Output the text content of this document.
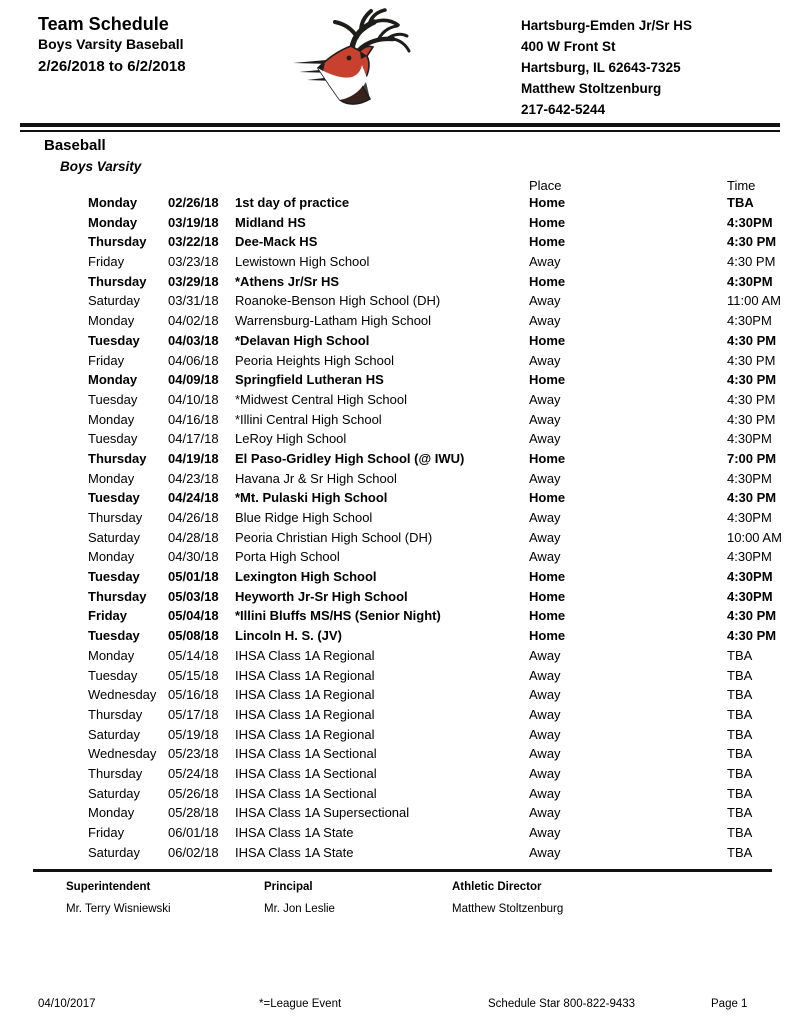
Team Schedule
Boys Varsity Baseball
2/26/2018 to 6/2/2018
Hartsburg-Emden Jr/Sr HS
400 W Front St
Hartsburg, IL 62643-7325
Matthew Stoltzenburg
217-642-5244
Baseball
Boys Varsity
Place	Time
Monday 02/26/18 1st day of practice	Home	TBA
Monday 03/19/18 Midland HS	Home	4:30PM
Thursday 03/22/18 Dee-Mack HS	Home	4:30 PM
Friday	03/23/18 Lewistown High School	Away	4:30 PM
Thursday 03/29/18 *Athens Jr/Sr HS	Home	4:30PM
Saturday 03/31/18 Roanoke-Benson High School (DH)	Away	11:00 AM
Monday	04/02/18 Warrensburg-Latham High School	Away	4:30PM
Tuesday 04/03/18 *Delavan High School	Home	4:30 PM
Friday	04/06/18 Peoria Heights High School	Away	4:30 PM
Monday 04/09/18 Springfield Lutheran HS	Home	4:30 PM
Tuesday 04/10/18 *Midwest Central High School	Away	4:30 PM
Monday	04/16/18 *Illini Central High School	Away	4:30 PM
Tuesday 04/17/18 LeRoy High School	Away	4:30PM
Thursday 04/19/18 El Paso-Gridley High School (@ IWU)	Home	7:00 PM
Monday	04/23/18 Havana Jr & Sr High School	Away	4:30PM
Tuesday 04/24/18 *Mt. Pulaski High School	Home	4:30 PM
Thursday 04/26/18 Blue Ridge High School	Away	4:30PM
Saturday 04/28/18 Peoria Christian High School (DH)	Away	10:00 AM
Monday	04/30/18 Porta High School	Away	4:30PM
Tuesday 05/01/18 Lexington High School	Home	4:30PM
Thursday 05/03/18 Heyworth Jr-Sr High School	Home	4:30PM
Friday	05/04/18 *Illini Bluffs MS/HS (Senior Night)	Home	4:30 PM
Tuesday 05/08/18 Lincoln H. S. (JV)	Home	4:30 PM
Monday	05/14/18 IHSA Class 1A Regional	Away	TBA
Tuesday 05/15/18 IHSA Class 1A Regional	Away	TBA
Wednesday 05/16/18 IHSA Class 1A Regional	Away	TBA
Thursday 05/17/18 IHSA Class 1A Regional	Away	TBA
Saturday 05/19/18 IHSA Class 1A Regional	Away	TBA
Wednesday 05/23/18 IHSA Class 1A Sectional	Away	TBA
Thursday 05/24/18 IHSA Class 1A Sectional	Away	TBA
Saturday 05/26/18 IHSA Class 1A Sectional	Away	TBA
Monday	05/28/18 IHSA Class 1A Supersectional	Away	TBA
Friday	06/01/18 IHSA Class 1A State	Away	TBA
Saturday 06/02/18 IHSA Class 1A State	Away	TBA
Superintendent
Mr. Terry Wisniewski
Principal
Mr. Jon Leslie
Athletic Director
Matthew Stoltzenburg
04/10/2017	*=League Event	Schedule Star 800-822-9433	Page 1
